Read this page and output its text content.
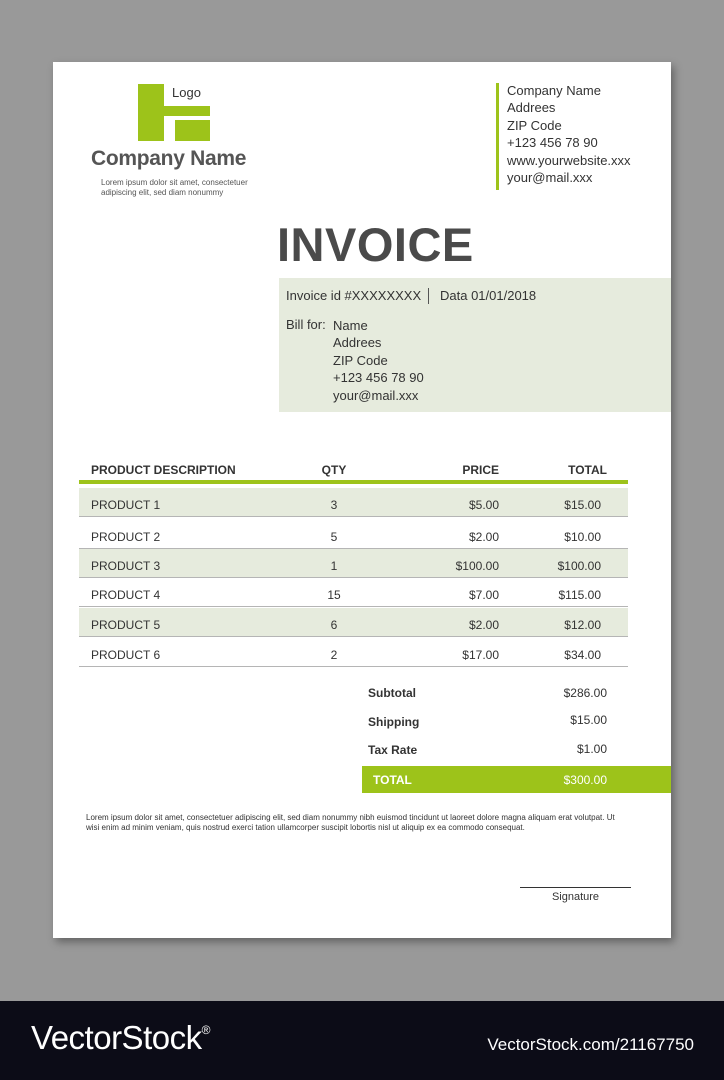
Logo
Company Name
Lorem ipsum dolor sit amet, consectetuer
adipiscing elit, sed diam nonummy
Company Name
Addrees
ZIP Code
+123 456 78 90
www.yourwebsite.xxx
your@mail.xxx
INVOICE
Invoice id #XXXXXXXX Data 01/01/2018
Bill for: Name
Addrees
ZIP Code
+123 456 78 90
your@mail.xxx
PRODUCT DESCRIPTION	QTY	PRICE	TOTAL
PRODUCT 1	3	$5.00	$15.00
PRODUCT 2	5	$2.00	$10.00
PRODUCT 3	1	$100.00	$100.00
PRODUCT 4	15	$7.00	$115.00
PRODUCT 5	6	$2.00	$12.00
PRODUCT 6	2	$17.00	$34.00
Subtotal	$286.00
Shipping	$15.00
Tax Rate	$1.00
TOTAL	$300.00
Lorem ipsum dolor sit amet, consectetuer adipiscing elit, sed diam nonummy nibh euismod tincidunt ut laoreet dolore magna aliquam erat volutpat. Ut
wisi enim ad minim veniam, quis nostrud exerci tation ullamcorper suscipit lobortis nisl ut aliquip ex ea commodo consequat.
Signature
VectorStock®
VectorStock.com/21167750
